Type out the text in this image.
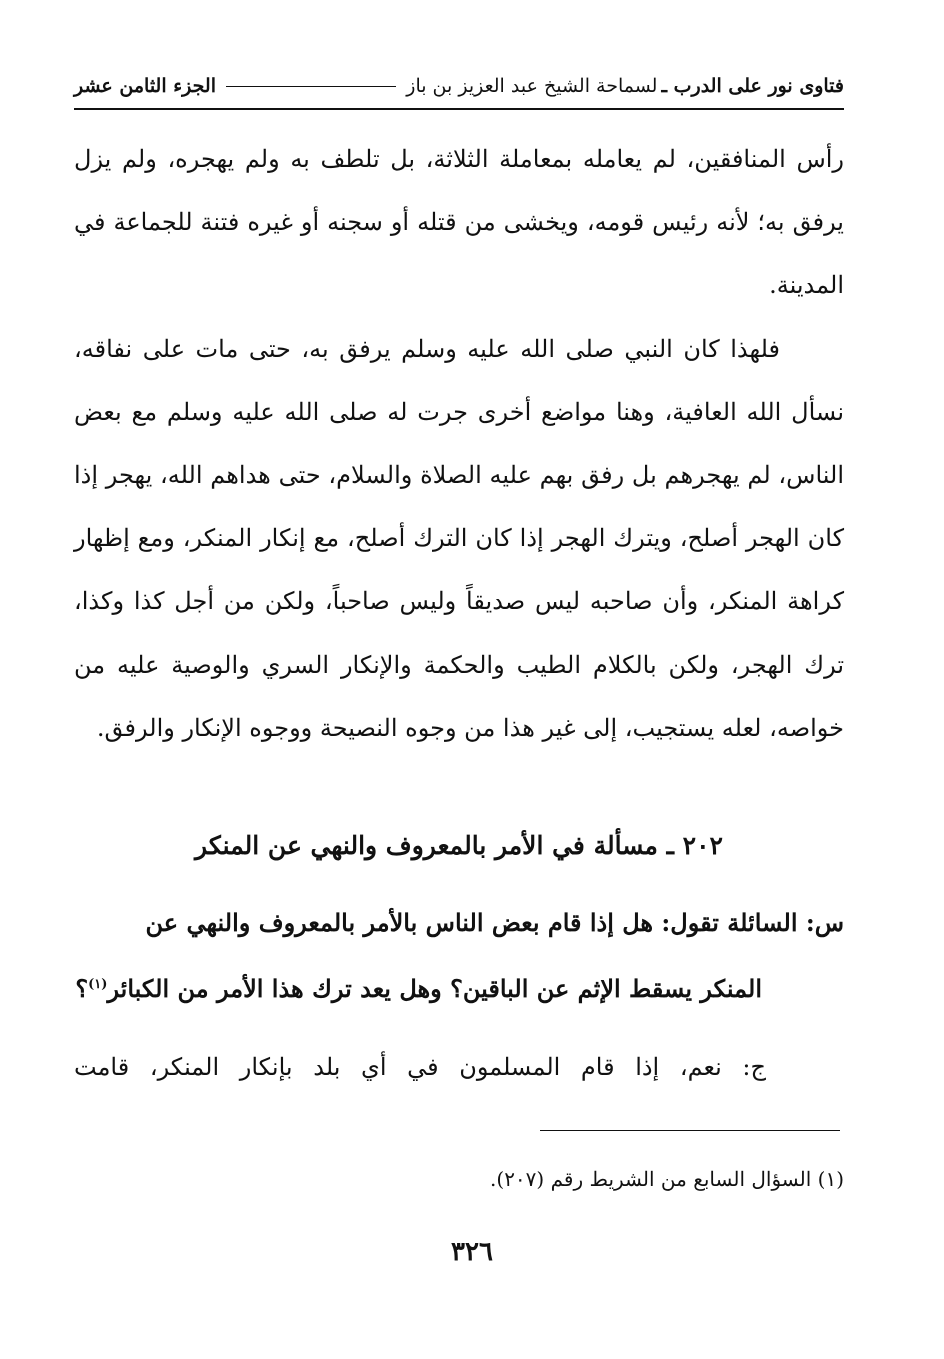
فتاوى نور على الدرب ـ
لسماحة الشيخ عبد العزيز بن باز
الجزء الثامن عشر

رأس المنافقين، لم يعامله بمعاملة الثلاثة، بل تلطف به ولم يهجره، ولم يزل يرفق به؛ لأنه رئيس قومه، ويخشى من قتله أو سجنه أو غيره فتنة للجماعة في المدينة.

فلهذا كان النبي صلى الله عليه وسلم يرفق به، حتى مات على نفاقه، نسأل الله العافية، وهنا مواضع أخرى جرت له صلى الله عليه وسلم مع بعض الناس، لم يهجرهم بل رفق بهم عليه الصلاة والسلام، حتى هداهم الله، يهجر إذا كان الهجر أصلح، ويترك الهجر إذا كان الترك أصلح، مع إنكار المنكر، ومع إظهار كراهة المنكر، وأن صاحبه ليس صديقاً وليس صاحباً، ولكن من أجل كذا وكذا، ترك الهجر، ولكن بالكلام الطيب والحكمة والإنكار السري والوصية عليه من خواصه، لعله يستجيب، إلى غير هذا من وجوه النصيحة ووجوه الإنكار والرفق.

٢٠٢ ـ مسألة في الأمر بالمعروف والنهي عن المنكر

س: السائلة تقول: هل إذا قام بعض الناس بالأمر بالمعروف والنهي عن

المنكر يسقط الإثم عن الباقين؟ وهل يعد ترك هذا الأمر من الكبائر$^{(١)}$؟

ج: نعم، إذا قام المسلمون في أي بلد بإنكار المنكر، قامت

(١) السؤال السابع من الشريط رقم (٢٠٧).
٣٢٦
